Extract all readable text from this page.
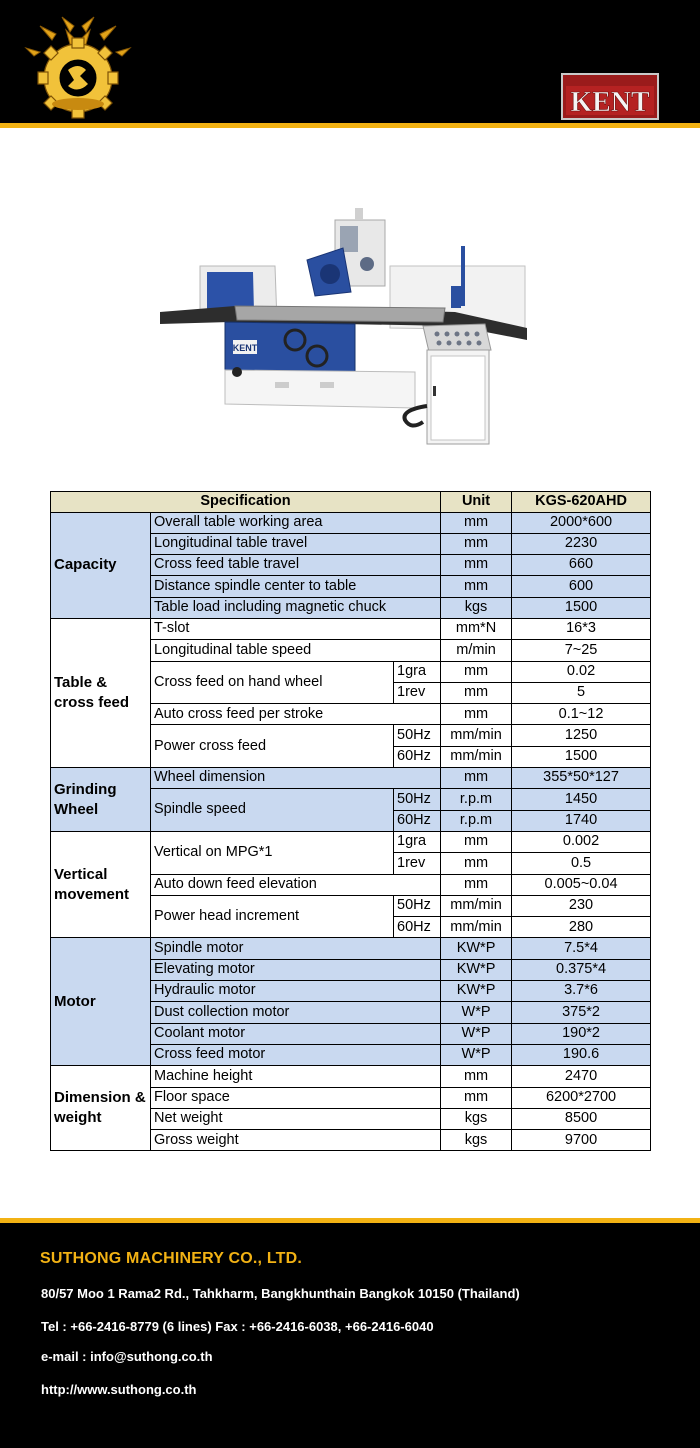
KENT
KENT
Specification			Unit	KGS-620AHD
Capacity	Overall table working area		mm	2000*600
	Longitudinal table travel		mm	2230
	Cross feed table travel		mm	660
	Distance spindle center to table		mm	600
	Table load including magnetic chuck		kgs	1500
Table & cross feed	T-slot		mm*N	16*3
	Longitudinal table speed		m/min	7~25
	Cross feed on hand wheel	1gra	mm	0.02
		1rev	mm	5
	Auto cross feed per stroke		mm	0.1~12
	Power cross feed	50Hz	mm/min	1250
		60Hz	mm/min	1500
Grinding Wheel	Wheel dimension		mm	355*50*127
	Spindle speed	50Hz	r.p.m	1450
		60Hz	r.p.m	1740
Vertical movement	Vertical on MPG*1	1gra	mm	0.002
		1rev	mm	0.5
	Auto down feed elevation		mm	0.005~0.04
	Power head increment	50Hz	mm/min	230
		60Hz	mm/min	280
Motor	Spindle motor		KW*P	7.5*4
	Elevating motor		KW*P	0.375*4
	Hydraulic motor		KW*P	3.7*6
	Dust collection motor		W*P	375*2
	Coolant motor		W*P	190*2
	Cross feed motor		W*P	190.6
Dimension & weight	Machine height		mm	2470
	Floor space		mm	6200*2700
	Net weight		kgs	8500
	Gross weight		kgs	9700
SUTHONG MACHINERY CO., LTD.
80/57 Moo 1 Rama2 Rd., Tahkharm, Bangkhunthain Bangkok 10150 (Thailand)
Tel : +66-2416-8779 (6 lines) Fax : +66-2416-6038, +66-2416-6040
e-mail : info@suthong.co.th
http://www.suthong.co.th
